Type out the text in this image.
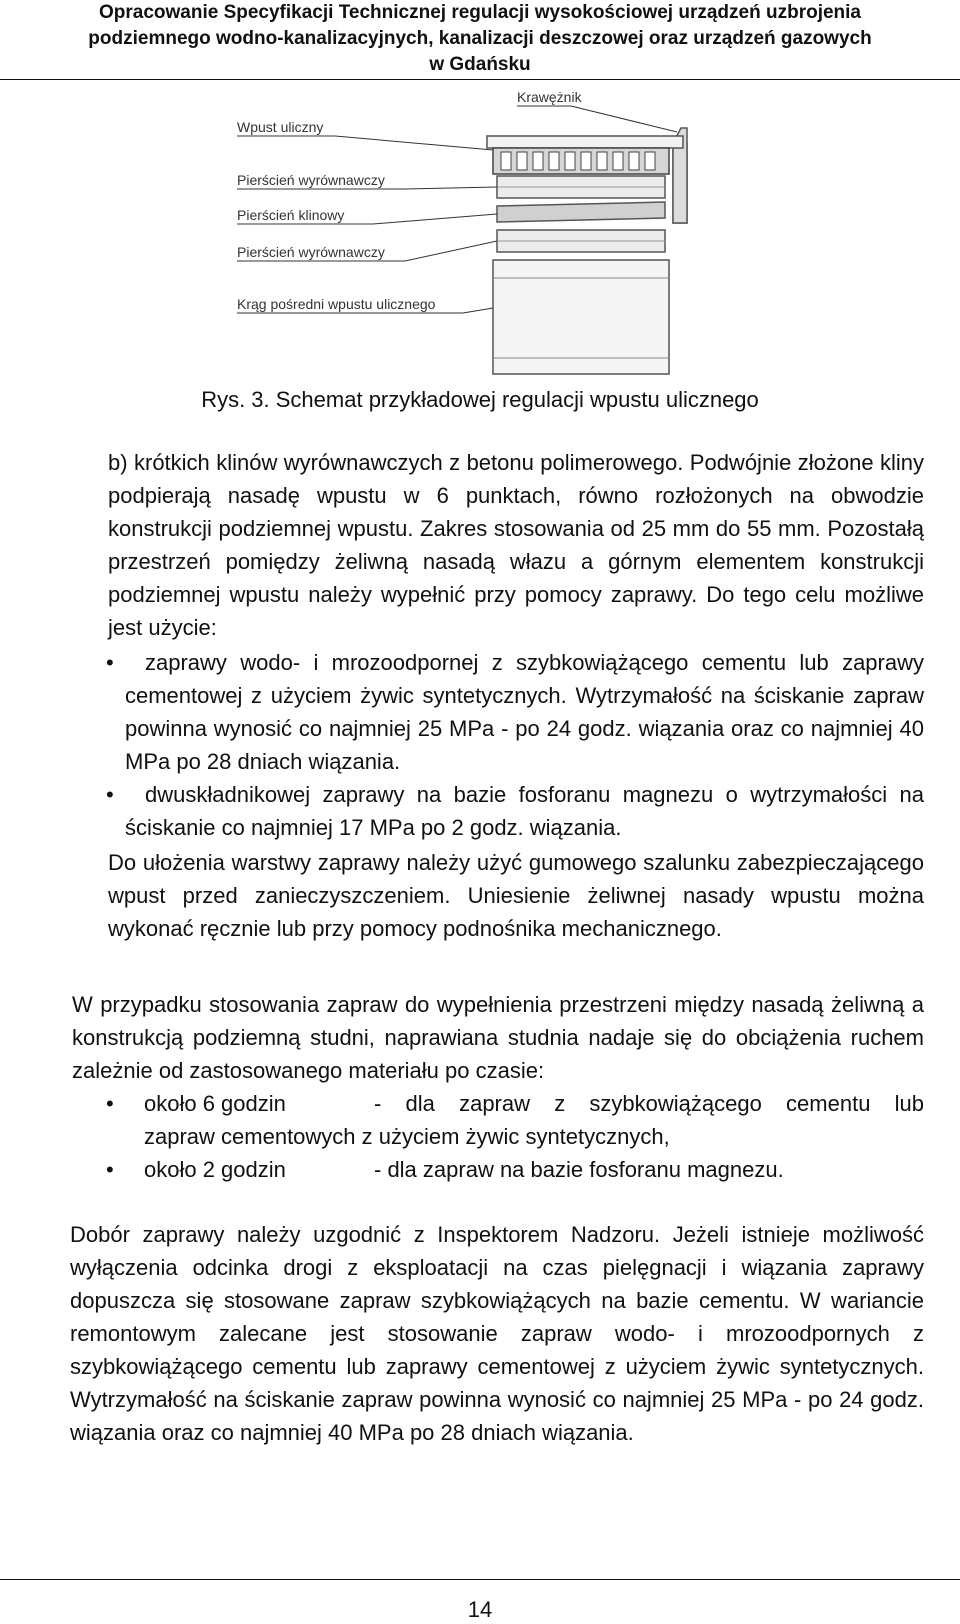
Opracowanie Specyfikacji Technicznej regulacji wysokościowej urządzeń uzbrojenia
podziemnego wodno-kanalizacyjnych, kanalizacji deszczowej oraz urządzeń gazowych
w Gdańsku
Krawężnik
Wpust uliczny
Pierścień wyrównawczy
Pierścień klinowy
Pierścień wyrównawczy
Krąg pośredni wpustu ulicznego
Rys. 3. Schemat przykładowej regulacji wpustu ulicznego
b) krótkich klinów wyrównawczych z betonu polimerowego. Podwójnie złożone kliny podpierają nasadę wpustu w 6 punktach, równo rozłożonych na obwodzie konstrukcji podziemnej wpustu. Zakres stosowania od 25 mm do 55 mm. Pozostałą przestrzeń pomiędzy żeliwną nasadą włazu a górnym elementem konstrukcji podziemnej wpustu należy wypełnić przy pomocy zaprawy. Do tego celu możliwe jest użycie:
•	zaprawy wodo- i mrozoodpornej z szybkowiążącego cementu lub zaprawy cementowej z użyciem żywic syntetycznych. Wytrzymałość na ściskanie zapraw powinna wynosić co najmniej 25 MPa - po 24 godz. wiązania oraz co najmniej 40 MPa po 28 dniach wiązania.
•	dwuskładnikowej zaprawy na bazie fosforanu magnezu o wytrzymałości na ściskanie co najmniej 17 MPa po 2 godz. wiązania.
Do ułożenia warstwy zaprawy należy użyć gumowego szalunku zabezpieczającego wpust przed zanieczyszczeniem. Uniesienie żeliwnej nasady wpustu można wykonać ręcznie lub przy pomocy podnośnika mechanicznego.
W przypadku stosowania zapraw do wypełnienia przestrzeni między nasadą żeliwną a konstrukcją podziemną studni, naprawiana studnia nadaje się do obciążenia ruchem zależnie od zastosowanego materiału po czasie:
• około 6 godzin	- dla zapraw z szybkowiążącego cementu lub
zapraw cementowych z użyciem żywic syntetycznych,
• około 2 godzin	- dla zapraw na bazie fosforanu magnezu.
Dobór zaprawy należy uzgodnić z Inspektorem Nadzoru. Jeżeli istnieje możliwość wyłączenia odcinka drogi z eksploatacji na czas pielęgnacji i wiązania zaprawy dopuszcza się stosowane zapraw szybkowiążących na bazie cementu. W wariancie remontowym zalecane jest stosowanie zapraw wodo- i mrozoodpornych z szybkowiążącego cementu lub zaprawy cementowej z użyciem żywic syntetycznych. Wytrzymałość na ściskanie zapraw powinna wynosić co najmniej 25 MPa - po 24 godz. wiązania oraz co najmniej 40 MPa po 28 dniach wiązania.
14
